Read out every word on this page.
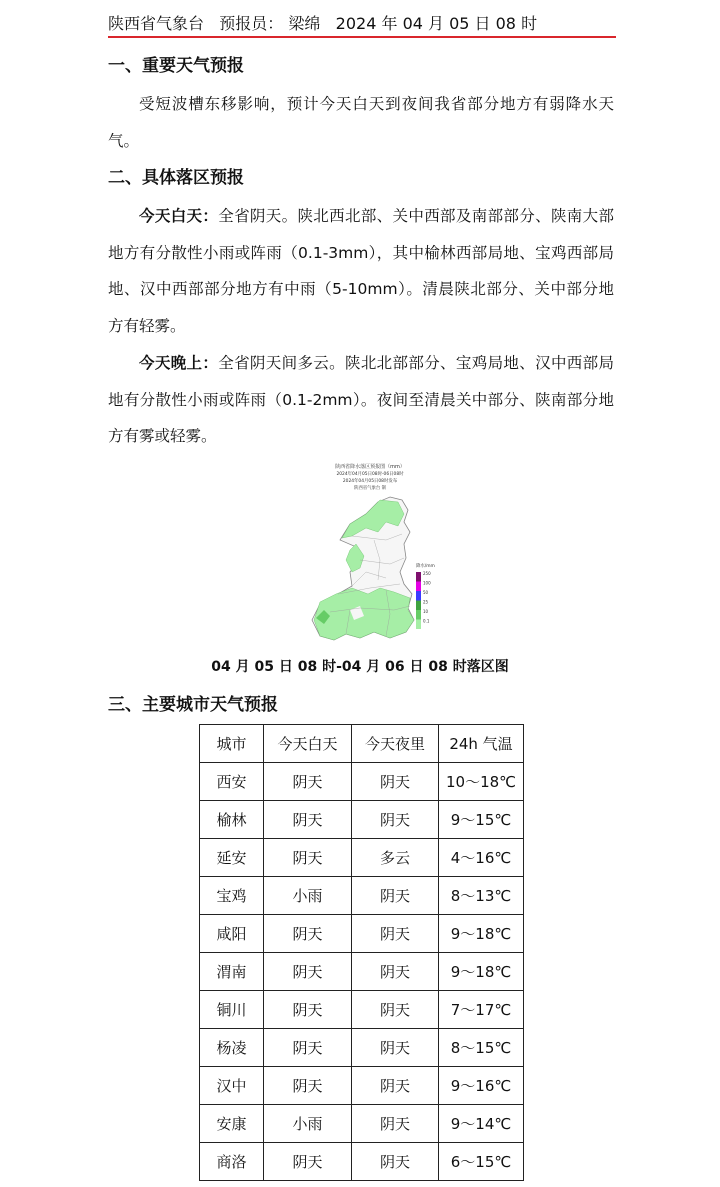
陕西省气象台 预报员： 梁绵 2024 年 04 月 05 日 08 时
一、重要天气预报

受短波槽东移影响，预计今天白天到夜间我省部分地方有弱降水天气。

二、具体落区预报

今天白天：全省阴天。陕北西北部、关中西部及南部部分、陕南大部地方有分散性小雨或阵雨（0.1-3mm），其中榆林西部局地、宝鸡西部局地、汉中西部部分地方有中雨（5-10mm）。清晨陕北部分、关中部分地方有轻雾。

今天晚上：全省阴天间多云。陕北北部部分、宝鸡局地、汉中西部局地有分散性小雨或阵雨（0.1-2mm）。夜间至清晨关中部分、陕南部分地方有雾或轻雾。

陕西省降水落区预报图（mm）
2024年04月05日08时-06日08时
2024年04月05日08时发布
陕西省气象台 制
降水/mm
250
100
50
25
10
0.1
04 月 05 日 08 时-04 月 06 日 08 时落区图
三、主要城市天气预报
城市	今天白天	今天夜里	24h 气温
西安	阴天	阴天	10～18℃
榆林	阴天	阴天	9～15℃
延安	阴天	多云	4～16℃
宝鸡	小雨	阴天	8～13℃
咸阳	阴天	阴天	9～18℃
渭南	阴天	阴天	9～18℃
铜川	阴天	阴天	7～17℃
杨凌	阴天	阴天	8～15℃
汉中	阴天	阴天	9～16℃
安康	小雨	阴天	9～14℃
商洛	阴天	阴天	6～15℃
